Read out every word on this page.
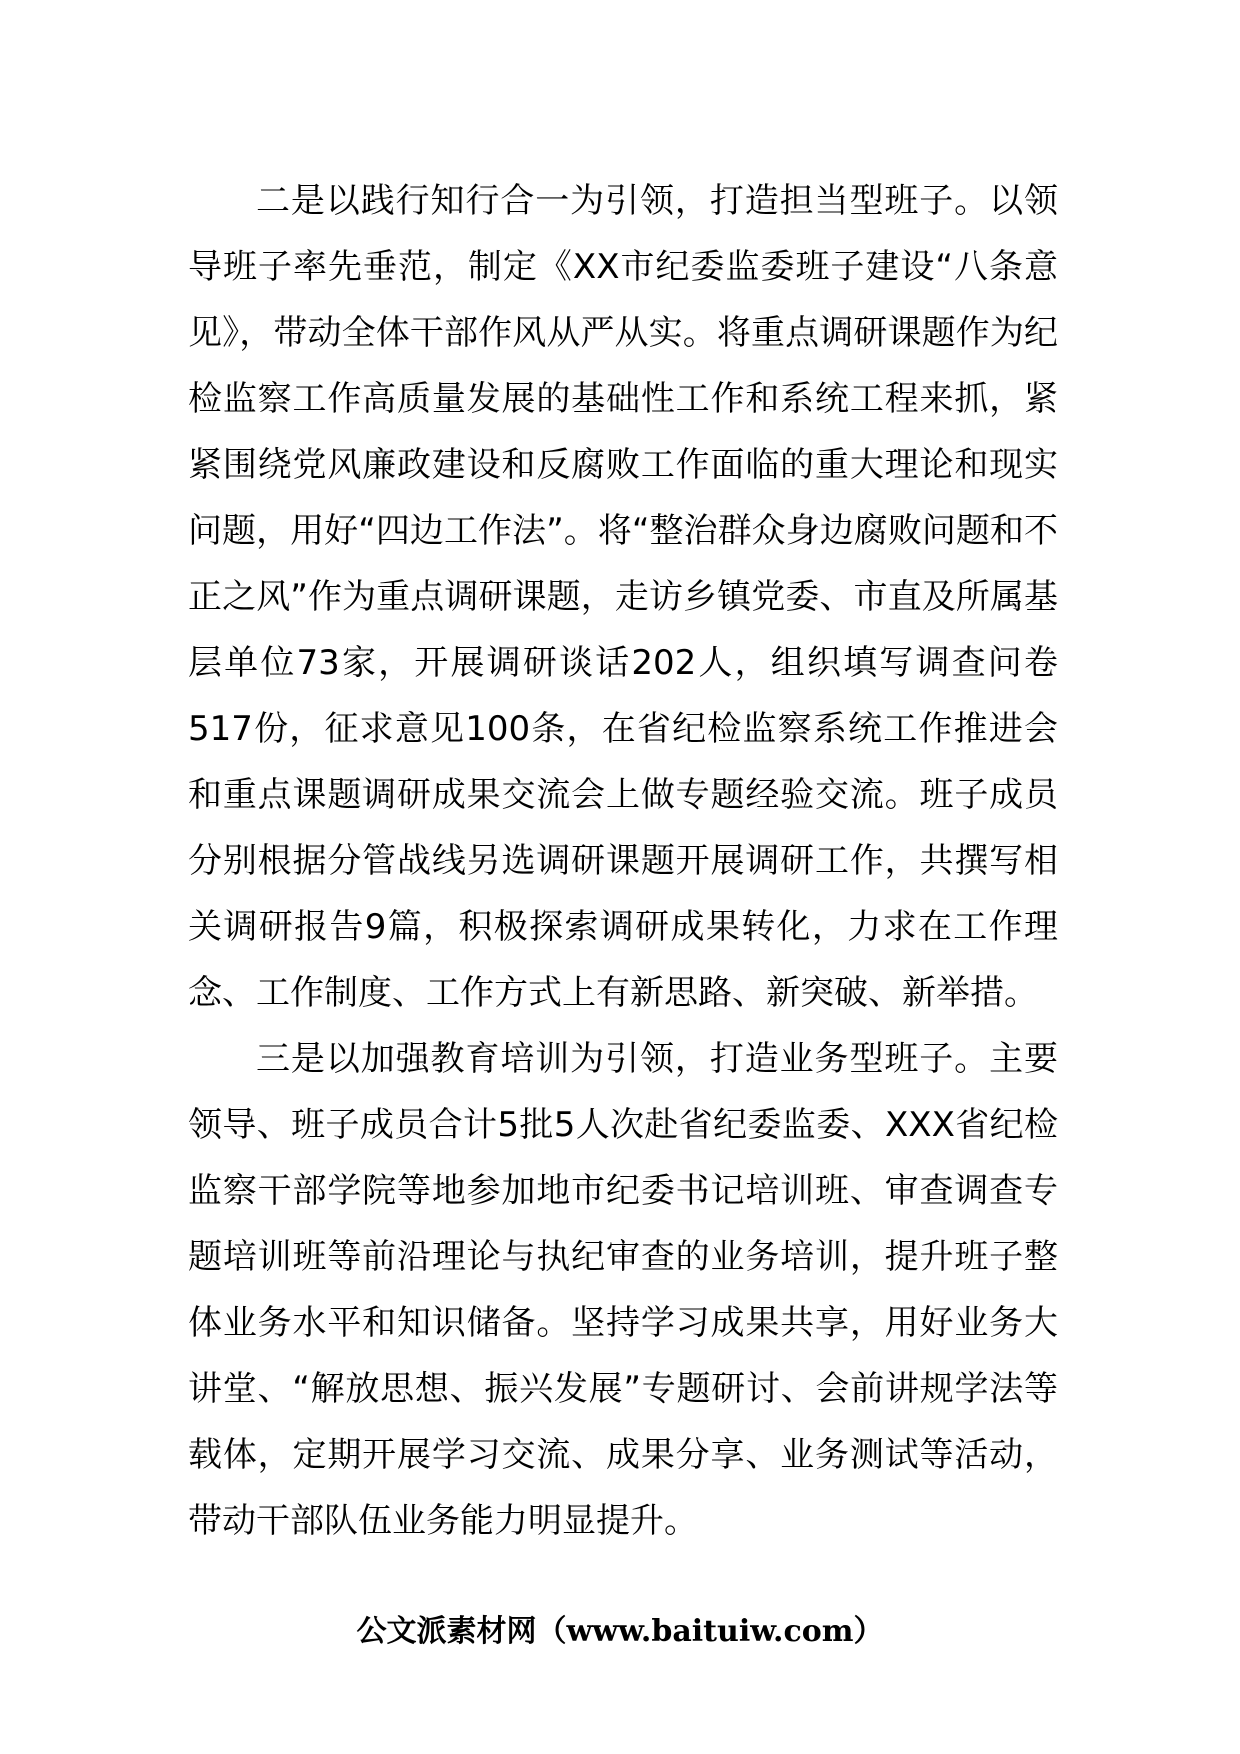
二是以践行知行合一为引领，打造担当型班子。以领导班子率先垂范，制定《XX市纪委监委班子建设“八条意见》，带动全体干部作风从严从实。将重点调研课题作为纪检监察工作高质量发展的基础性工作和系统工程来抓，紧紧围绕党风廉政建设和反腐败工作面临的重大理论和现实问题，用好“四边工作法”。将“整治群众身边腐败问题和不正之风”作为重点调研课题，走访乡镇党委、市直及所属基层单位73家，开展调研谈话202人，组织填写调查问卷517份，征求意见100条，在省纪检监察系统工作推进会和重点课题调研成果交流会上做专题经验交流。班子成员分别根据分管战线另选调研课题开展调研工作，共撰写相关调研报告9篇，积极探索调研成果转化，力求在工作理念、工作制度、工作方式上有新思路、新突破、新举措。

三是以加强教育培训为引领，打造业务型班子。主要领导、班子成员合计5批5人次赴省纪委监委、XXX省纪检监察干部学院等地参加地市纪委书记培训班、审查调查专题培训班等前沿理论与执纪审查的业务培训，提升班子整体业务水平和知识储备。坚持学习成果共享，用好业务大讲堂、“解放思想、振兴发展”专题研讨、会前讲规学法等载体，定期开展学习交流、成果分享、业务测试等活动，带动干部队伍业务能力明显提升。

公文派素材网（www.baituiw.com）
